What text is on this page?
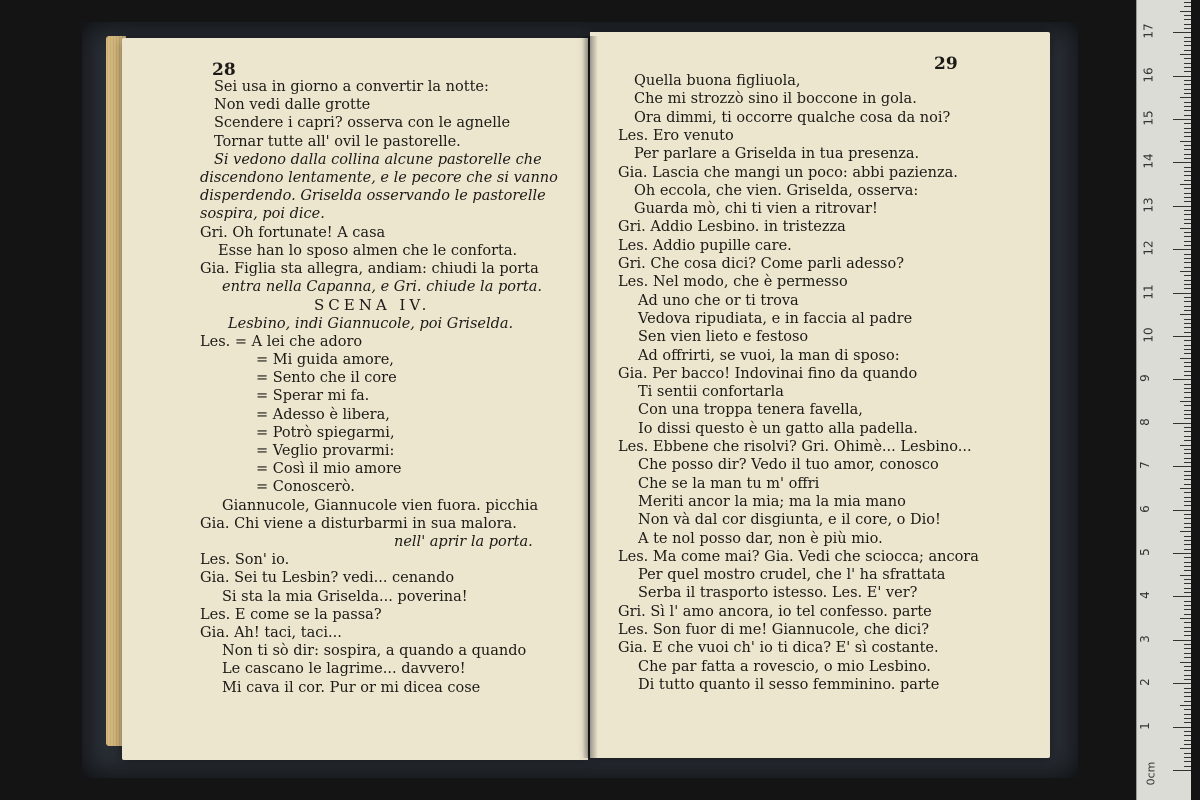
28
Sei usa in giorno a convertir la notte:
Non vedi dalle grotte
Scendere i capri? osserva con le agnelle
Tornar tutte all' ovil le pastorelle.
Si vedono dalla collina alcune pastorelle che
discendono lentamente, e le pecore che si vanno
disperdendo. Griselda osservando le pastorelle
sospira, poi dice.
Gri. Oh fortunate! A casa
Esse han lo sposo almen che le conforta.
Gia. Figlia sta allegra, andiam: chiudi la porta
entra nella Capanna, e Gri. chiude la porta.
SCENA IV.
Lesbino, indi Giannucole, poi Griselda.
Les. = A lei che adoro
= Mi guida amore,
= Sento che il core
= Sperar mi fa.
= Adesso è libera,
= Potrò spiegarmi,
= Veglio provarmi:
= Così il mio amore
= Conoscerò.
Giannucole, Giannucole vien fuora. picchia
Gia. Chi viene a disturbarmi in sua malora.
nell' aprir la porta.
Les. Son' io.
Gia. Sei tu Lesbin? vedi... cenando
Si sta la mia Griselda... poverina!
Les. E come se la passa?
Gia. Ah! taci, taci...
Non ti sò dir: sospira, a quando a quando
Le cascano le lagrime... davvero!
Mi cava il cor. Pur or mi dicea cose
29
Quella buona figliuola,
Che mi strozzò sino il boccone in gola.
Ora dimmi, ti occorre qualche cosa da noi?
Les. Ero venuto
Per parlare a Griselda in tua presenza.
Gia. Lascia che mangi un poco: abbi pazienza.
Oh eccola, che vien. Griselda, osserva:
Guarda mò, chi ti vien a ritrovar!
Gri. Addio Lesbino. in tristezza
Les. Addio pupille care.
Gri. Che cosa dici? Come parli adesso?
Les. Nel modo, che è permesso
Ad uno che or ti trova
Vedova ripudiata, e in faccia al padre
Sen vien lieto e festoso
Ad offrirti, se vuoi, la man di sposo:
Gia. Per bacco! Indovinai fino da quando
Ti sentii confortarla
Con una troppa tenera favella,
Io dissi questo è un gatto alla padella.
Les. Ebbene che risolvi? Gri. Ohimè... Lesbino...
Che posso dir? Vedo il tuo amor, conosco
Che se la man tu m' offri
Meriti ancor la mia; ma la mia mano
Non và dal cor disgiunta, e il core, o Dio!
A te nol posso dar, non è più mio.
Les. Ma come mai? Gia. Vedi che sciocca; ancora
Per quel mostro crudel, che l' ha sfrattata
Serba il trasporto istesso. Les. E' ver?
Gri. Sì l' amo ancora, io tel confesso. parte
Les. Son fuor di me! Giannucole, che dici?
Gia. E che vuoi ch' io ti dica? E' sì costante.
Che par fatta a rovescio, o mio Lesbino.
Di tutto quanto il sesso femminino. parte
0cm
1
2
3
4
5
6
7
8
9
10
11
12
13
14
15
16
17
